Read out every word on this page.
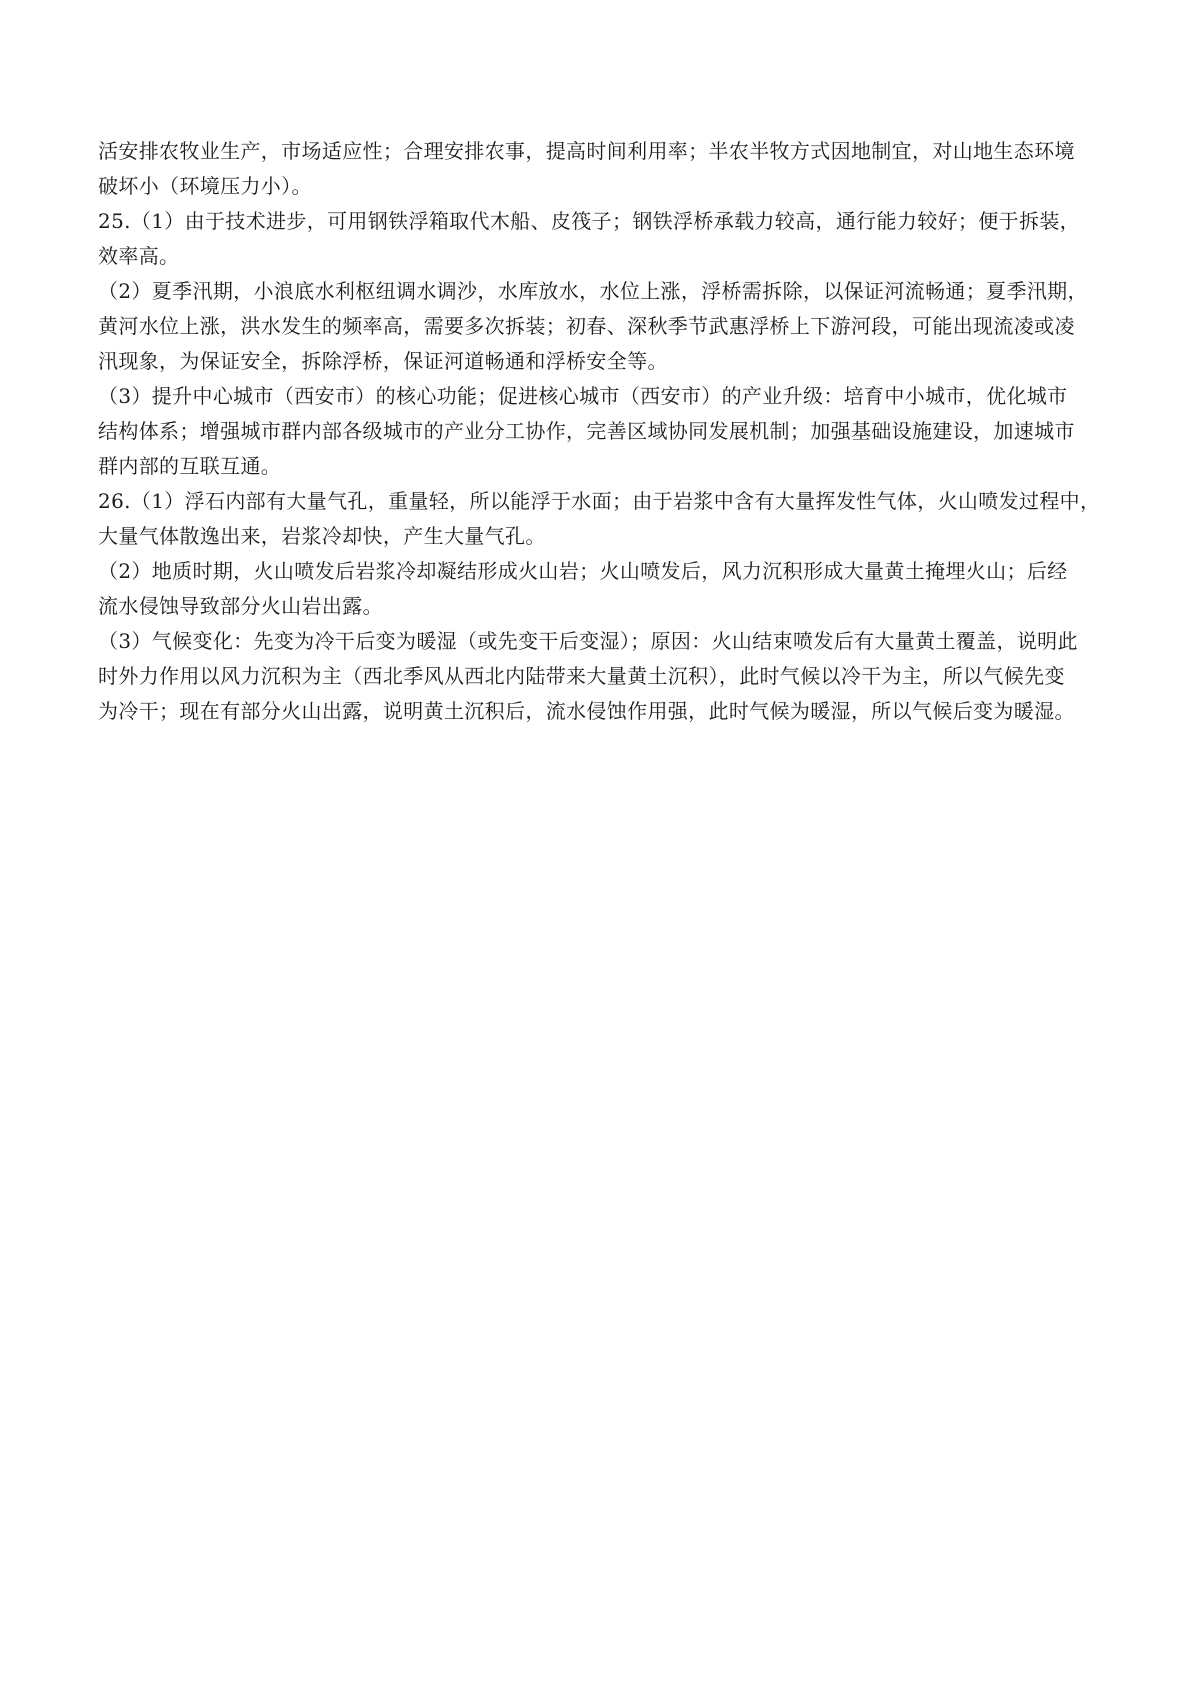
活安排农牧业生产，市场适应性；合理安排农事，提高时间利用率；半农半牧方式因地制宜，对山地生态环境
破坏小（环境压力小）。
25.（1）由于技术进步，可用钢铁浮箱取代木船、皮筏子；钢铁浮桥承载力较高，通行能力较好；便于拆装，
效率高。
（2）夏季汛期，小浪底水利枢纽调水调沙，水库放水，水位上涨，浮桥需拆除，以保证河流畅通；夏季汛期，
黄河水位上涨，洪水发生的频率高，需要多次拆装；初春、深秋季节武惠浮桥上下游河段，可能出现流凌或凌
汛现象，为保证安全，拆除浮桥，保证河道畅通和浮桥安全等。
（3）提升中心城市（西安市）的核心功能；促进核心城市（西安市）的产业升级：培育中小城市，优化城市
结构体系；增强城市群内部各级城市的产业分工协作，完善区域协同发展机制；加强基础设施建设，加速城市
群内部的互联互通。
26.（1）浮石内部有大量气孔，重量轻，所以能浮于水面；由于岩浆中含有大量挥发性气体，火山喷发过程中，
大量气体散逸出来，岩浆冷却快，产生大量气孔。
（2）地质时期，火山喷发后岩浆冷却凝结形成火山岩；火山喷发后，风力沉积形成大量黄土掩埋火山；后经
流水侵蚀导致部分火山岩出露。
（3）气候变化：先变为冷干后变为暖湿（或先变干后变湿）；原因：火山结束喷发后有大量黄土覆盖，说明此
时外力作用以风力沉积为主（西北季风从西北内陆带来大量黄土沉积），此时气候以冷干为主，所以气候先变
为冷干；现在有部分火山出露，说明黄土沉积后，流水侵蚀作用强，此时气候为暖湿，所以气候后变为暖湿。
